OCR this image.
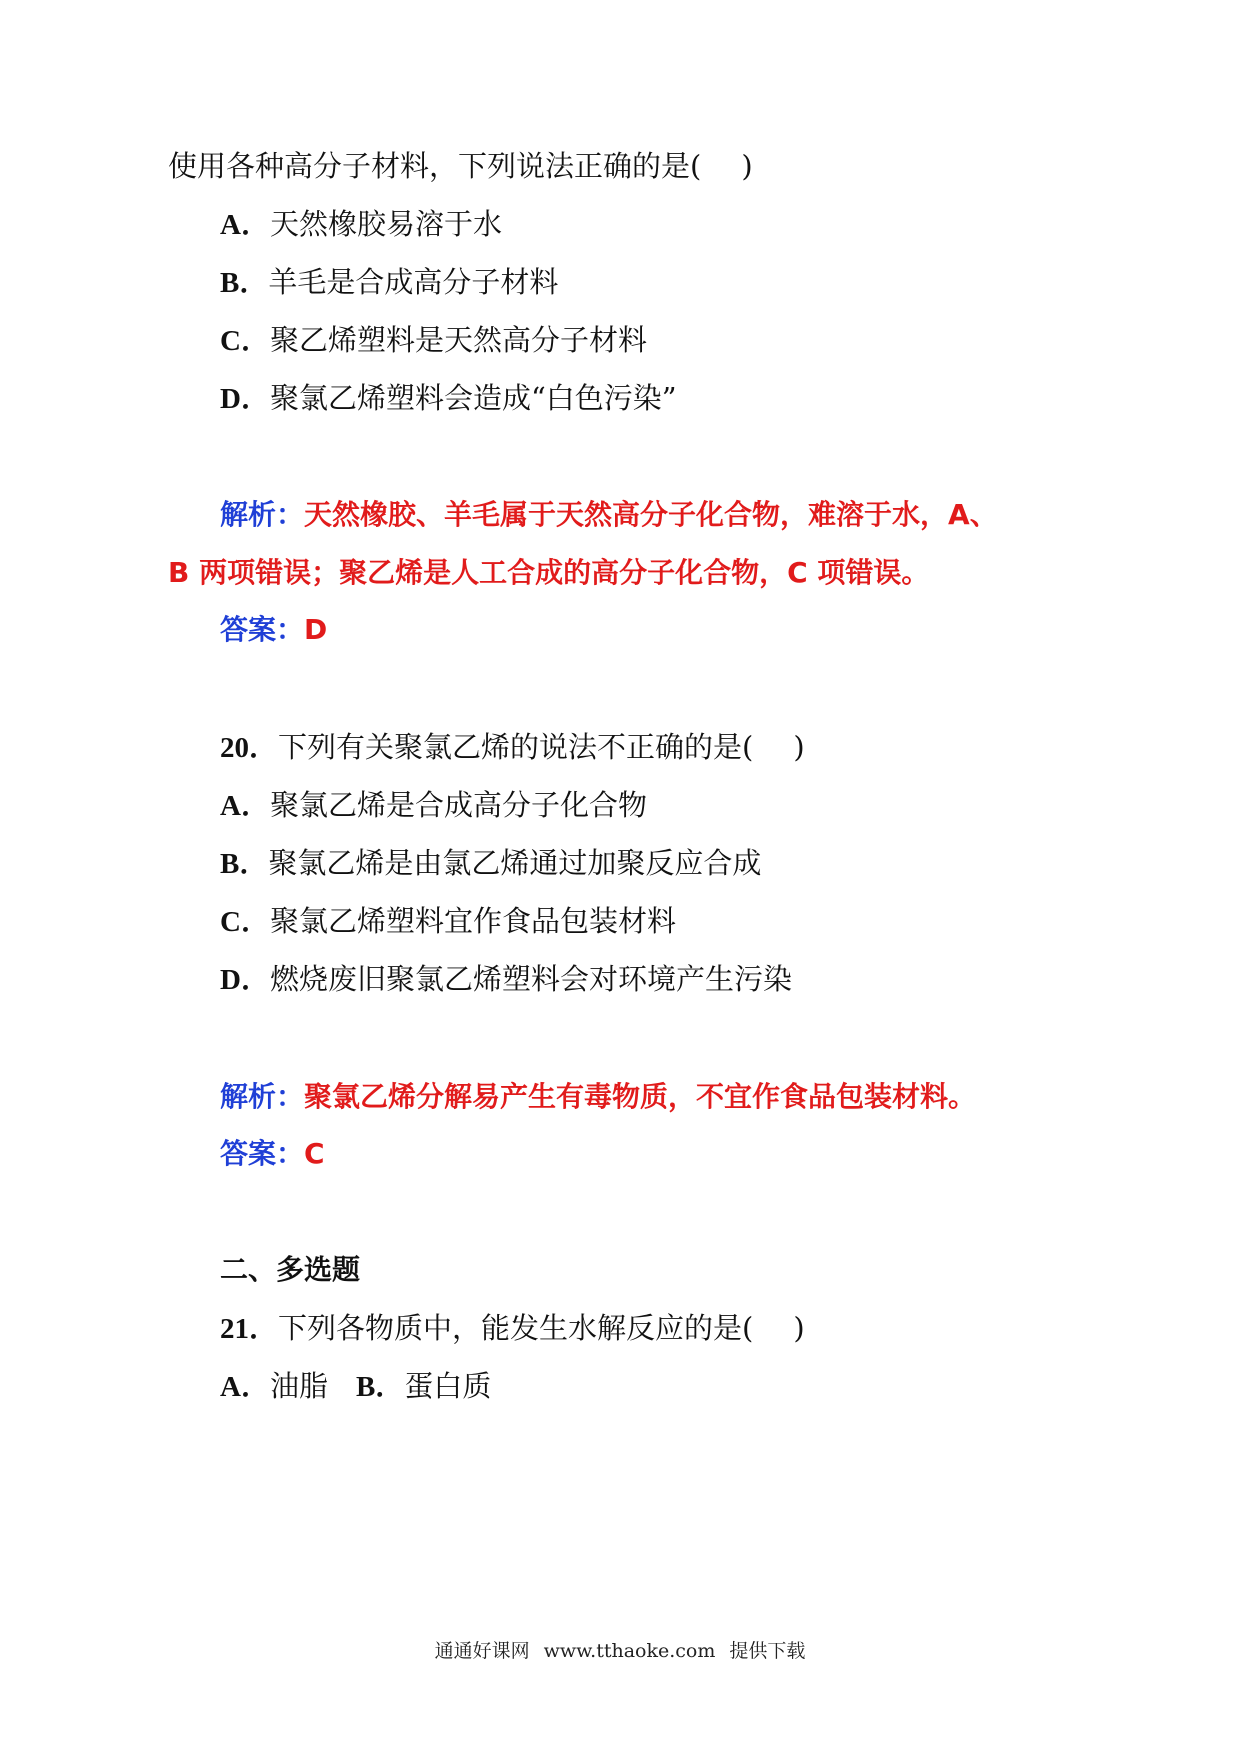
使用各种高分子材料，下列说法正确的是( )
A．天然橡胶易溶于水
B．羊毛是合成高分子材料
C．聚乙烯塑料是天然高分子材料
D．聚氯乙烯塑料会造成“白色污染”
解析：天然橡胶、羊毛属于天然高分子化合物，难溶于水，A、
B 两项错误；聚乙烯是人工合成的高分子化合物，C 项错误。
答案：D
20．下列有关聚氯乙烯的说法不正确的是( )
A．聚氯乙烯是合成高分子化合物
B．聚氯乙烯是由氯乙烯通过加聚反应合成
C．聚氯乙烯塑料宜作食品包装材料
D．燃烧废旧聚氯乙烯塑料会对环境产生污染
解析：聚氯乙烯分解易产生有毒物质，不宜作食品包装材料。
答案：C
二、多选题
21．下列各物质中，能发生水解反应的是( )
A．油脂 B．蛋白质
通通好课网 www.tthaoke.com 提供下载
